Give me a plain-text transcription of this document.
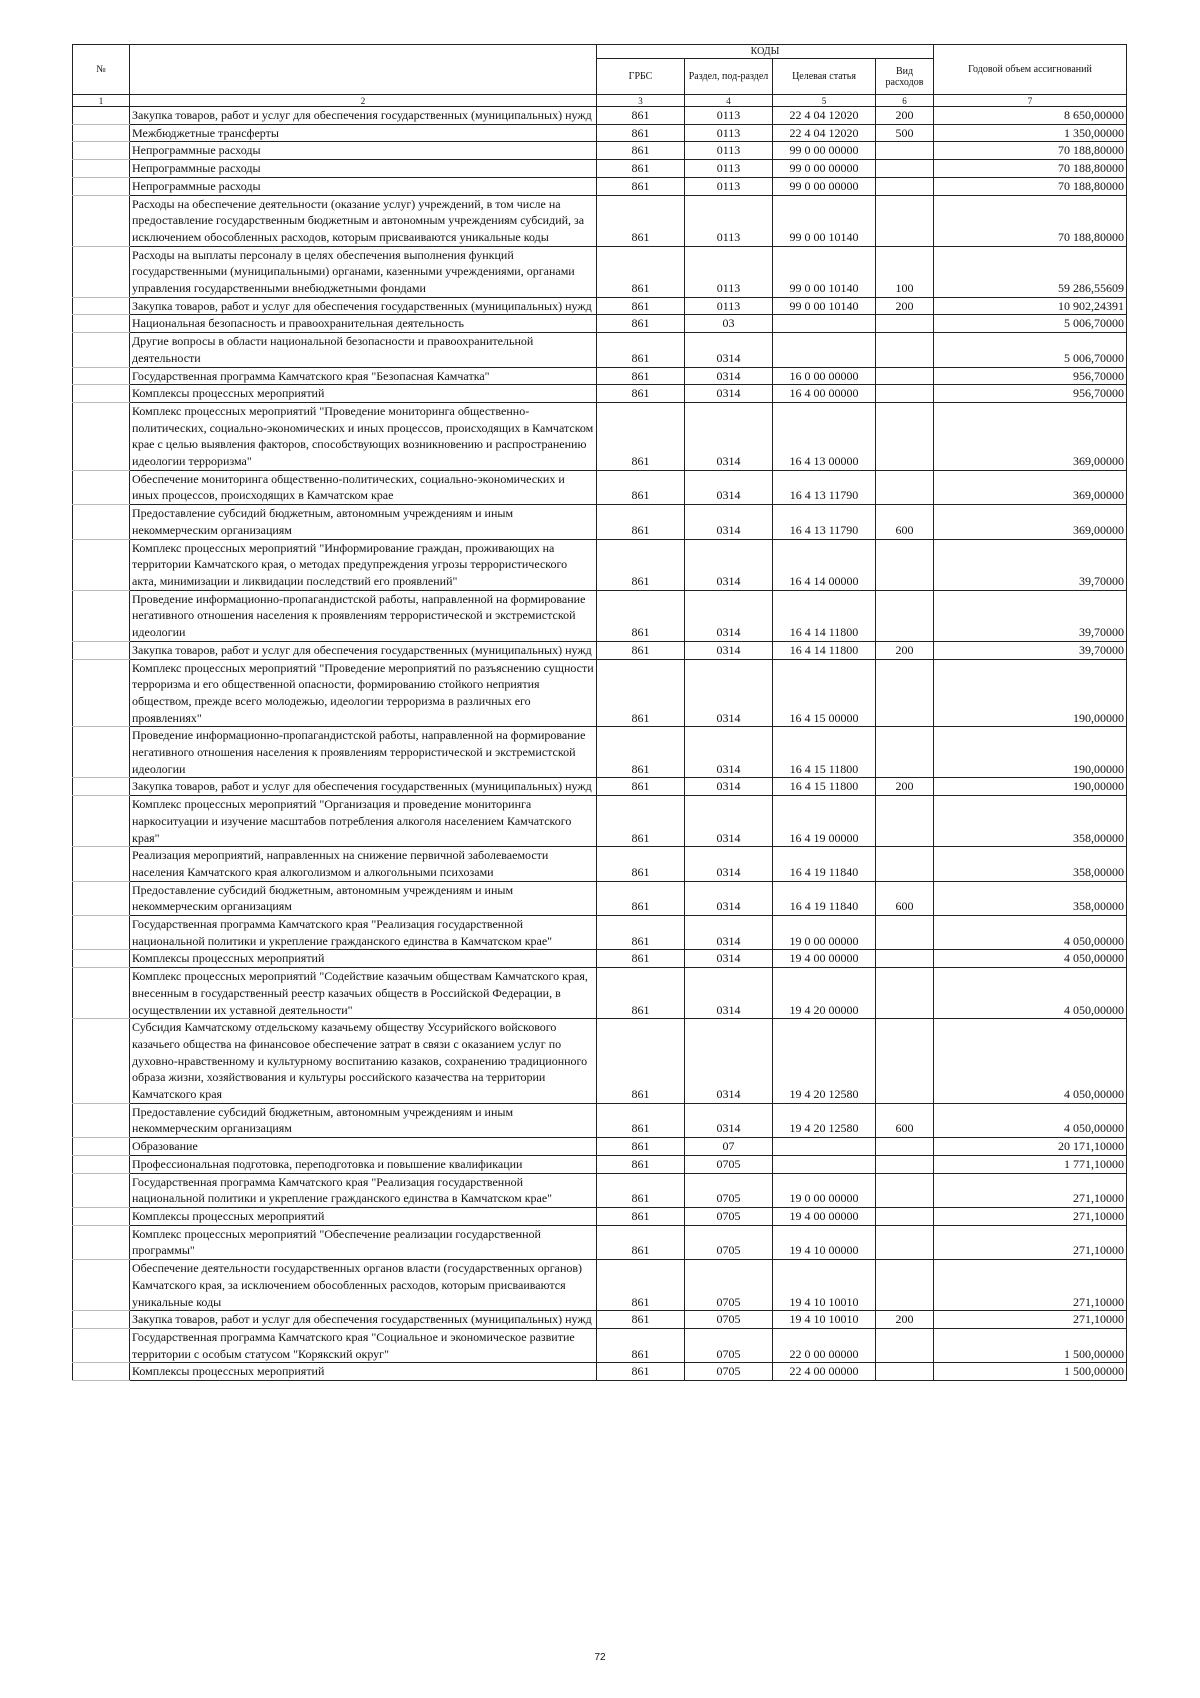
№		КОДЫ				Годовой объем ассигнований
		ГРБС	Раздел, под-раздел	Целевая статья	Вид расходов	
1	2	3	4	5	6	7
	Закупка товаров, работ и услуг для обеспечения государственных (муниципальных) нужд	861	0113	22 4 04 12020	200	8 650,00000
	Межбюджетные трансферты	861	0113	22 4 04 12020	500	1 350,00000
	Непрограммные расходы	861	0113	99 0 00 00000		70 188,80000
	Непрограммные расходы	861	0113	99 0 00 00000		70 188,80000
	Непрограммные расходы	861	0113	99 0 00 00000		70 188,80000
	Расходы на обеспечение деятельности (оказание услуг) учреждений, в том числе на предоставление государственным бюджетным и автономным учреждениям субсидий, за исключением обособленных расходов, которым присваиваются уникальные коды	861	0113	99 0 00 10140		70 188,80000
	Расходы на выплаты персоналу в целях обеспечения выполнения функций государственными (муниципальными) органами, казенными учреждениями, органами управления государственными внебюджетными фондами	861	0113	99 0 00 10140	100	59 286,55609
	Закупка товаров, работ и услуг для обеспечения государственных (муниципальных) нужд	861	0113	99 0 00 10140	200	10 902,24391
	Национальная безопасность и правоохранительная деятельность	861	03			5 006,70000
	Другие вопросы в области национальной безопасности и правоохранительной деятельности	861	0314			5 006,70000
	Государственная программа Камчатского края "Безопасная Камчатка"	861	0314	16 0 00 00000		956,70000
	Комплексы процессных мероприятий	861	0314	16 4 00 00000		956,70000
	Комплекс процессных мероприятий "Проведение мониторинга общественно-политических, социально-экономических и иных процессов, происходящих в Камчатском крае с целью выявления факторов, способствующих возникновению и распространению идеологии терроризма"	861	0314	16 4 13 00000		369,00000
	Обеспечение мониторинга общественно-политических, социально-экономических и иных процессов, происходящих в Камчатском крае	861	0314	16 4 13 11790		369,00000
	Предоставление субсидий бюджетным, автономным учреждениям и иным некоммерческим организациям	861	0314	16 4 13 11790	600	369,00000
	Комплекс процессных мероприятий "Информирование граждан, проживающих на территории Камчатского края, о методах предупреждения угрозы террористического акта, минимизации и ликвидации последствий его проявлений"	861	0314	16 4 14 00000		39,70000
	Проведение информационно-пропагандистской работы, направленной на формирование негативного отношения населения к проявлениям террористической и экстремистской идеологии	861	0314	16 4 14 11800		39,70000
	Закупка товаров, работ и услуг для обеспечения государственных (муниципальных) нужд	861	0314	16 4 14 11800	200	39,70000
	Комплекс процессных мероприятий "Проведение мероприятий по разъяснению сущности терроризма и его общественной опасности, формированию стойкого неприятия обществом, прежде всего молодежью, идеологии терроризма в различных его проявлениях"	861	0314	16 4 15 00000		190,00000
	Проведение информационно-пропагандистской работы, направленной на формирование негативного отношения населения к проявлениям террористической и экстремистской идеологии	861	0314	16 4 15 11800		190,00000
	Закупка товаров, работ и услуг для обеспечения государственных (муниципальных) нужд	861	0314	16 4 15 11800	200	190,00000
	Комплекс процессных мероприятий "Организация и проведение мониторинга наркоситуации и изучение масштабов потребления алкоголя населением Камчатского края"	861	0314	16 4 19 00000		358,00000
	Реализация мероприятий, направленных на снижение первичной заболеваемости населения Камчатского края алкоголизмом и алкогольными психозами	861	0314	16 4 19 11840		358,00000
	Предоставление субсидий бюджетным, автономным учреждениям и иным некоммерческим организациям	861	0314	16 4 19 11840	600	358,00000
	Государственная программа Камчатского края "Реализация государственной национальной политики и укрепление гражданского единства в Камчатском крае"	861	0314	19 0 00 00000		4 050,00000
	Комплексы процессных мероприятий	861	0314	19 4 00 00000		4 050,00000
	Комплекс процессных мероприятий "Содействие казачьим обществам Камчатского края, внесенным в государственный реестр казачьих обществ в Российской Федерации, в осуществлении их уставной деятельности"	861	0314	19 4 20 00000		4 050,00000
	Субсидия Камчатскому отдельскому казачьему обществу Уссурийского войскового казачьего общества на финансовое обеспечение затрат в связи с оказанием услуг по духовно-нравственному и культурному воспитанию казаков, сохранению традиционного образа жизни, хозяйствования и культуры российского казачества на территории Камчатского края	861	0314	19 4 20 12580		4 050,00000
	Предоставление субсидий бюджетным, автономным учреждениям и иным некоммерческим организациям	861	0314	19 4 20 12580	600	4 050,00000
	Образование	861	07			20 171,10000
	Профессиональная подготовка, переподготовка и повышение квалификации	861	0705			1 771,10000
	Государственная программа Камчатского края "Реализация государственной национальной политики и укрепление гражданского единства в Камчатском крае"	861	0705	19 0 00 00000		271,10000
	Комплексы процессных мероприятий	861	0705	19 4 00 00000		271,10000
	Комплекс процессных мероприятий "Обеспечение реализации государственной программы"	861	0705	19 4 10 00000		271,10000
	Обеспечение деятельности государственных органов власти (государственных органов) Камчатского края, за исключением обособленных расходов, которым присваиваются уникальные коды	861	0705	19 4 10 10010		271,10000
	Закупка товаров, работ и услуг для обеспечения государственных (муниципальных) нужд	861	0705	19 4 10 10010	200	271,10000
	Государственная программа Камчатского края "Социальное и экономическое развитие территории с особым статусом "Корякский округ"	861	0705	22 0 00 00000		1 500,00000
	Комплексы процессных мероприятий	861	0705	22 4 00 00000		1 500,00000
72
